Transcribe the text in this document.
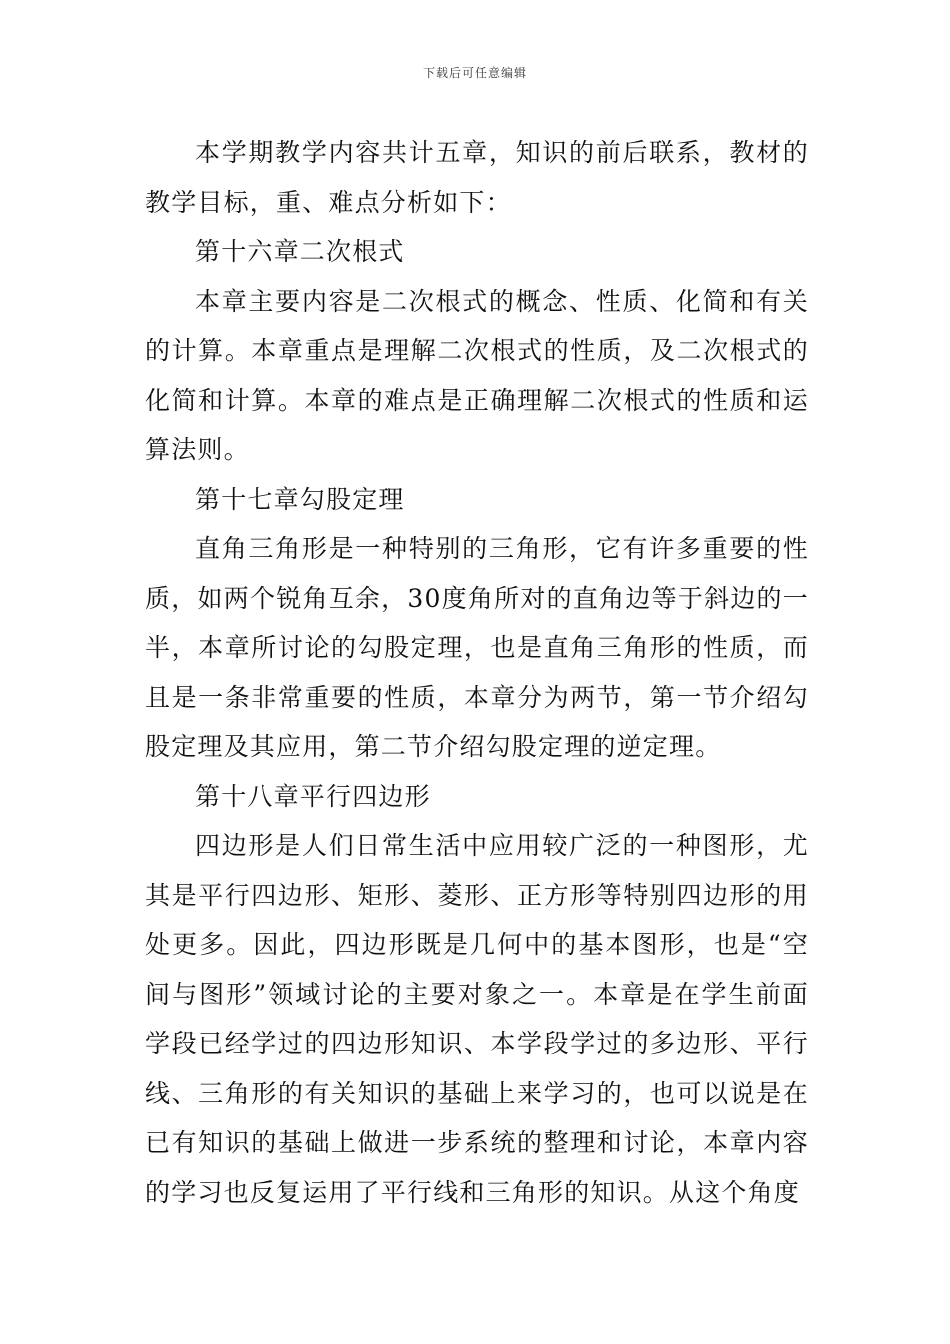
下载后可任意编辑

本学期教学内容共计五章，知识的前后联系，教材的教学目标，重、难点分析如下：

第十六章二次根式

本章主要内容是二次根式的概念、性质、化简和有关的计算。本章重点是理解二次根式的性质，及二次根式的化简和计算。本章的难点是正确理解二次根式的性质和运算法则。

第十七章勾股定理

直角三角形是一种特别的三角形，它有许多重要的性质，如两个锐角互余，30度角所对的直角边等于斜边的一半，本章所讨论的勾股定理，也是直角三角形的性质，而且是一条非常重要的性质，本章分为两节，第一节介绍勾股定理及其应用，第二节介绍勾股定理的逆定理。

第十八章平行四边形

四边形是人们日常生活中应用较广泛的一种图形，尤其是平行四边形、矩形、菱形、正方形等特别四边形的用处更多。因此，四边形既是几何中的基本图形，也是“空间与图形”领域讨论的主要对象之一。本章是在学生前面学段已经学过的四边形知识、本学段学过的多边形、平行线、三角形的有关知识的基础上来学习的，也可以说是在已有知识的基础上做进一步系统的整理和讨论，本章内容的学习也反复运用了平行线和三角形的知识。从这个角度
